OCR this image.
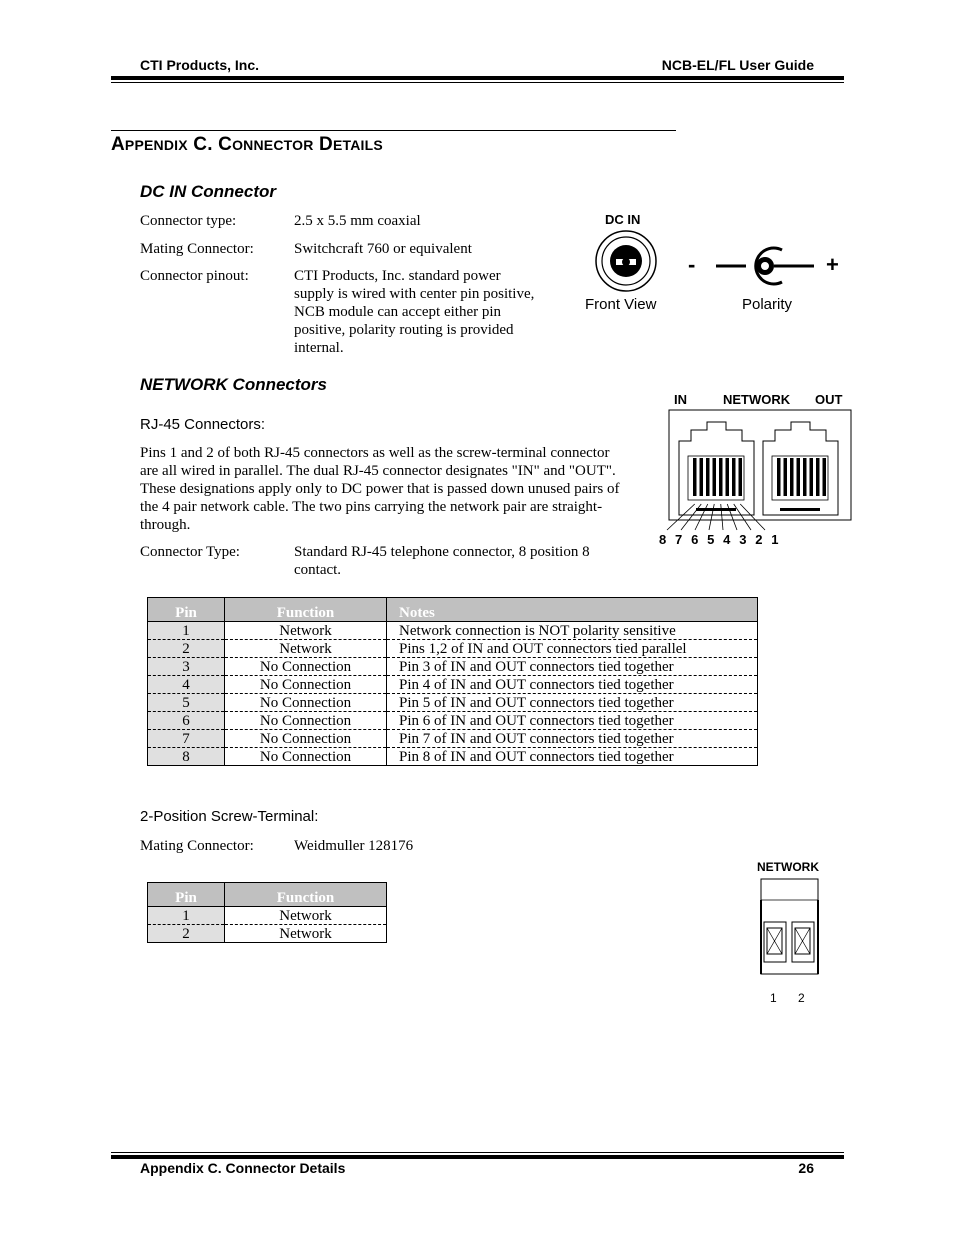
CTI Products, Inc.	NCB-EL/FL User Guide
APPENDIX C. CONNECTOR DETAILS
DC IN Connector
Connector type:	2.5 x 5.5 mm coaxial
Mating Connector:	Switchcraft 760 or equivalent
Connector pinout:	CTI Products, Inc. standard power
supply is wired with center pin positive,
NCB module can accept either pin
positive, polarity routing is provided
internal.
DC IN
Front View
-	+
Polarity
NETWORK Connectors
RJ-45 Connectors:
Pins 1 and 2 of both RJ-45 connectors as well as the screw-terminal connector
are all wired in parallel. The dual RJ-45 connector designates "IN" and "OUT".
These designations apply only to DC power that is passed down unused pairs of
the 4 pair network cable. The two pins carrying the network pair are straight-
through.
Connector Type:	Standard RJ-45 telephone connector, 8 position 8
contact.
IN	NETWORK OUT
8 7 6 5 4 3 2 1
Pin	Function	Notes
1	Network	Network connection is NOT polarity sensitive
2	Network	Pins 1,2 of IN and OUT connectors tied parallel
3	No Connection	Pin 3 of IN and OUT connectors tied together
4	No Connection	Pin 4 of IN and OUT connectors tied together
5	No Connection	Pin 5 of IN and OUT connectors tied together
6	No Connection	Pin 6 of IN and OUT connectors tied together
7	No Connection	Pin 7 of IN and OUT connectors tied together
8	No Connection	Pin 8 of IN and OUT connectors tied together
2-Position Screw-Terminal:
Mating Connector:	Weidmuller 128176
Pin	Function
1	Network
2	Network
NETWORK
1 2
Appendix C. Connector Details	26
